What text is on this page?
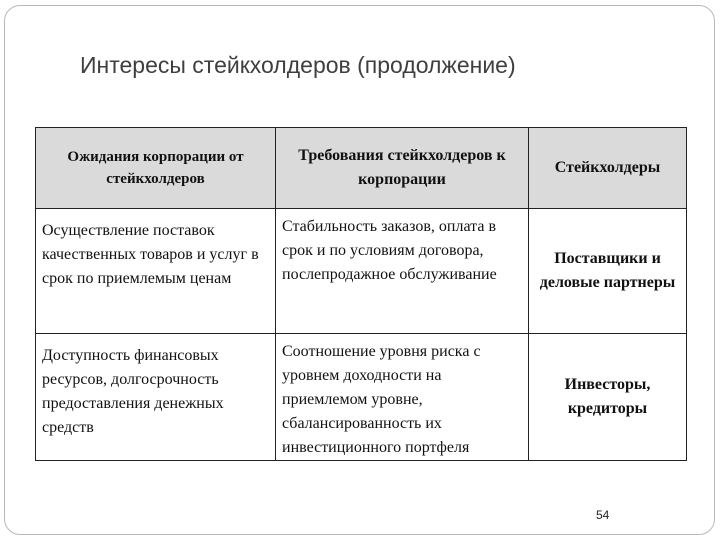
Интересы стейкхолдеров (продолжение)
Ожидания корпорации от стейкхолдеров	Требования стейкхолдеров к корпорации	Стейкхолдеры

Осуществление поставок качественных товаров и услуг в срок по приемлемым ценам	Стабильность заказов, оплата в срок и по условиям договора, послепродажное обслуживание	Поставщики и деловые партнеры

Доступность финансовых ресурсов, долгосрочность предоставления денежных средств	Соотношение уровня риска с уровнем доходности на приемлемом уровне, сбалансированность их инвестиционного портфеля	Инвесторы, кредиторы
54
